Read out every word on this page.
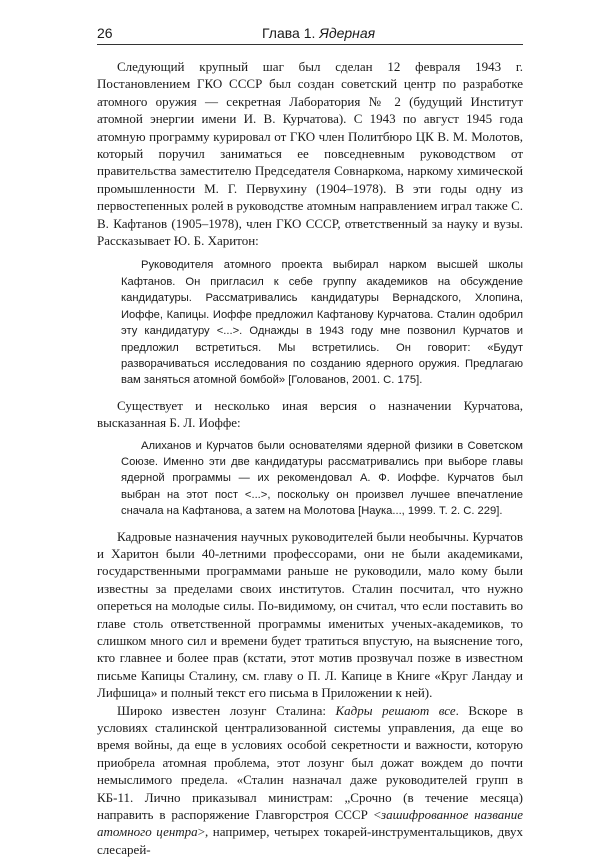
26	Глава 1. Ядерная

Следующий крупный шаг был сделан 12 февраля 1943 г. Постановлением ГКО СССР был создан советский центр по разработке атомного оружия — секретная Лаборатория № 2 (будущий Институт атомной энергии имени И. В. Курчатова). С 1943 по август 1945 года атомную программу курировал от ГКО член Политбюро ЦК В. М. Молотов, который поручил заниматься ее повседневным руководством от правительства заместителю Председателя Совнаркома, наркому химической промышленности М. Г. Первухину (1904–1978). В эти годы одну из первостепенных ролей в руководстве атомным направлением играл также С. В. Кафтанов (1905–1978), член ГКО СССР, ответственный за науку и вузы. Рассказывает Ю. Б. Харитон:

Руководителя атомного проекта выбирал нарком высшей школы Кафтанов. Он пригласил к себе группу академиков на обсуждение кандидатуры. Рассматривались кандидатуры Вернадского, Хлопина, Иоффе, Капицы. Иоффе предложил Кафтанову Курчатова. Сталин одобрил эту кандидатуру <...>. Однажды в 1943 году мне позвонил Курчатов и предложил встретиться. Мы встретились. Он говорит: «Будут разворачиваться исследования по созданию ядерного оружия. Предлагаю вам заняться атомной бомбой» [Голованов, 2001. С. 175].

Существует и несколько иная версия о назначении Курчатова, высказанная Б. Л. Иоффе:

Алиханов и Курчатов были основателями ядерной физики в Советском Союзе. Именно эти две кандидатуры рассматривались при выборе главы ядерной программы — их рекомендовал А. Ф. Иоффе. Курчатов был выбран на этот пост <...>, поскольку он произвел лучшее впечатление сначала на Кафтанова, а затем на Молотова [Наука..., 1999. Т. 2. С. 229].

Кадровые назначения научных руководителей были необычны. Курчатов и Харитон были 40-летними профессорами, они не были академиками, государственными программами раньше не руководили, мало кому были известны за пределами своих институтов. Сталин посчитал, что нужно опереться на молодые силы. По-видимому, он считал, что если поставить во главе столь ответственной программы именитых ученых-академиков, то слишком много сил и времени будет тратиться впустую, на выяснение того, кто главнее и более прав (кстати, этот мотив прозвучал позже в известном письме Капицы Сталину, см. главу о П. Л. Капице в Книге «Круг Ландау и Лифшица» и полный текст его письма в Приложении к ней).

Широко известен лозунг Сталина: Кадры решают все. Вскоре в условиях сталинской централизованной системы управления, да еще во время войны, да еще в условиях особой секретности и важности, которую приобрела атомная проблема, этот лозунг был дожат вождем до почти немыслимого предела. «Сталин назначал даже руководителей групп в КБ-11. Лично приказывал министрам: „Срочно (в течение месяца) направить в распоряжение Главгорстроя СССР <зашифрованное название атомного центра>, например, четырех токарей-инструментальщиков, двух слесарей-
